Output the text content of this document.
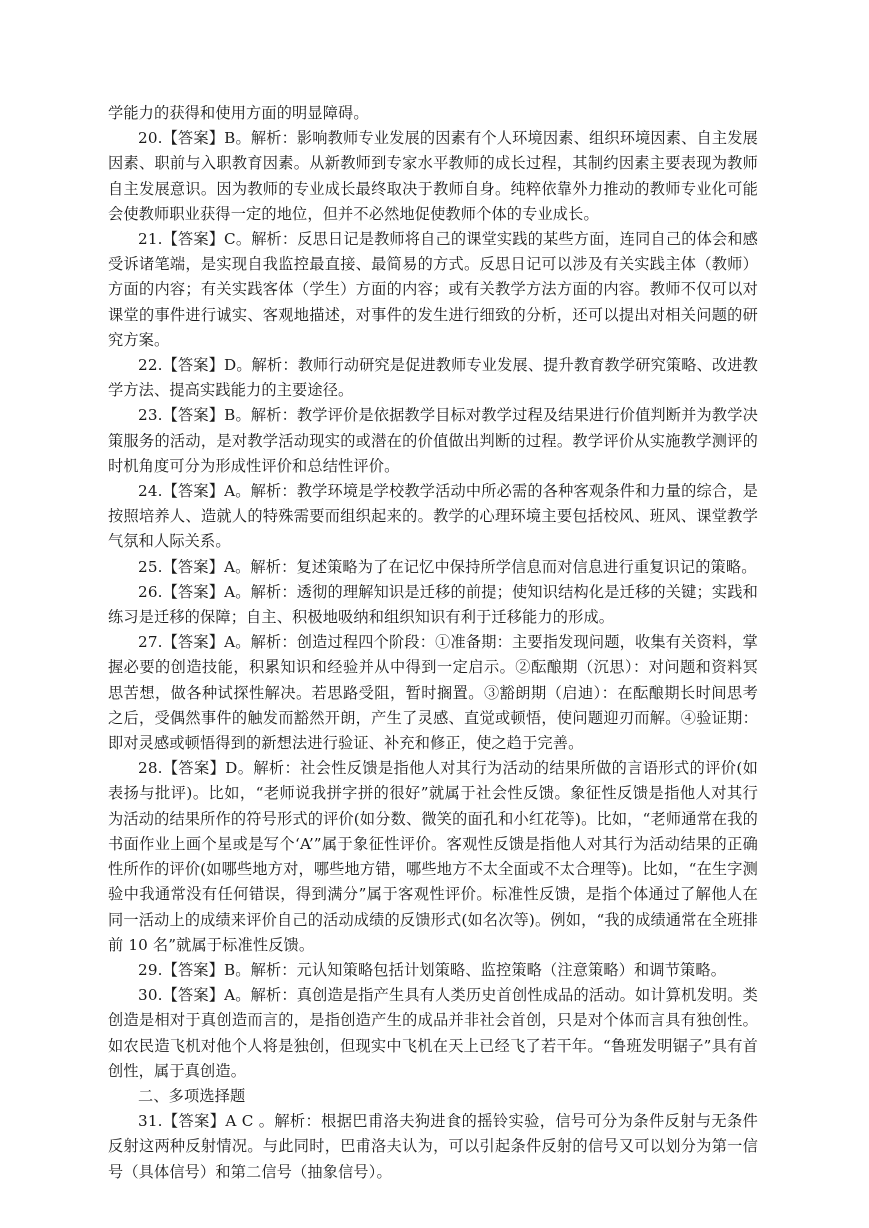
学能力的获得和使用方面的明显障碍。

20.【答案】B。解析：影响教师专业发展的因素有个人环境因素、组织环境因素、自主发展因素、职前与入职教育因素。从新教师到专家水平教师的成长过程，其制约因素主要表现为教师自主发展意识。因为教师的专业成长最终取决于教师自身。纯粹依靠外力推动的教师专业化可能会使教师职业获得一定的地位，但并不必然地促使教师个体的专业成长。

21.【答案】C。解析：反思日记是教师将自己的课堂实践的某些方面，连同自己的体会和感受诉诸笔端，是实现自我监控最直接、最简易的方式。反思日记可以涉及有关实践主体（教师）方面的内容；有关实践客体（学生）方面的内容；或有关教学方法方面的内容。教师不仅可以对课堂的事件进行诚实、客观地描述，对事件的发生进行细致的分析，还可以提出对相关问题的研究方案。

22.【答案】D。解析：教师行动研究是促进教师专业发展、提升教育教学研究策略、改进教学方法、提高实践能力的主要途径。

23.【答案】B。解析：教学评价是依据教学目标对教学过程及结果进行价值判断并为教学决策服务的活动，是对教学活动现实的或潜在的价值做出判断的过程。教学评价从实施教学测评的时机角度可分为形成性评价和总结性评价。

24.【答案】A。解析：教学环境是学校教学活动中所必需的各种客观条件和力量的综合，是按照培养人、造就人的特殊需要而组织起来的。教学的心理环境主要包括校风、班风、课堂教学气氛和人际关系。

25.【答案】A。解析：复述策略为了在记忆中保持所学信息而对信息进行重复识记的策略。

26.【答案】A。解析：透彻的理解知识是迁移的前提；使知识结构化是迁移的关键；实践和练习是迁移的保障；自主、积极地吸纳和组织知识有利于迁移能力的形成。

27.【答案】A。解析：创造过程四个阶段：①准备期：主要指发现问题，收集有关资料，掌握必要的创造技能，积累知识和经验并从中得到一定启示。②酝酿期（沉思）：对问题和资料冥思苦想，做各种试探性解决。若思路受阻，暂时搁置。③豁朗期（启迪）：在酝酿期长时间思考之后，受偶然事件的触发而豁然开朗，产生了灵感、直觉或顿悟，使问题迎刃而解。④验证期：即对灵感或顿悟得到的新想法进行验证、补充和修正，使之趋于完善。

28.【答案】D。解析：社会性反馈是指他人对其行为活动的结果所做的言语形式的评价(如表扬与批评)。比如，“老师说我拼字拼的很好”就属于社会性反馈。象征性反馈是指他人对其行为活动的结果所作的符号形式的评价(如分数、微笑的面孔和小红花等)。比如，“老师通常在我的书面作业上画个星或是写个‘A’”属于象征性评价。客观性反馈是指他人对其行为活动结果的正确性所作的评价(如哪些地方对，哪些地方错，哪些地方不太全面或不太合理等)。比如，“在生字测验中我通常没有任何错误，得到满分”属于客观性评价。标准性反馈，是指个体通过了解他人在同一活动上的成绩来评价自己的活动成绩的反馈形式(如名次等)。例如，“我的成绩通常在全班排前 10 名”就属于标准性反馈。

29.【答案】B。解析：元认知策略包括计划策略、监控策略（注意策略）和调节策略。

30.【答案】A。解析：真创造是指产生具有人类历史首创性成品的活动。如计算机发明。类创造是相对于真创造而言的，是指创造产生的成品并非社会首创，只是对个体而言具有独创性。如农民造飞机对他个人将是独创，但现实中飞机在天上已经飞了若干年。“鲁班发明锯子”具有首创性，属于真创造。

二、多项选择题

31.【答案】A C 。解析：根据巴甫洛夫狗进食的摇铃实验，信号可分为条件反射与无条件反射这两种反射情况。与此同时，巴甫洛夫认为，可以引起条件反射的信号又可以划分为第一信号（具体信号）和第二信号（抽象信号）。
